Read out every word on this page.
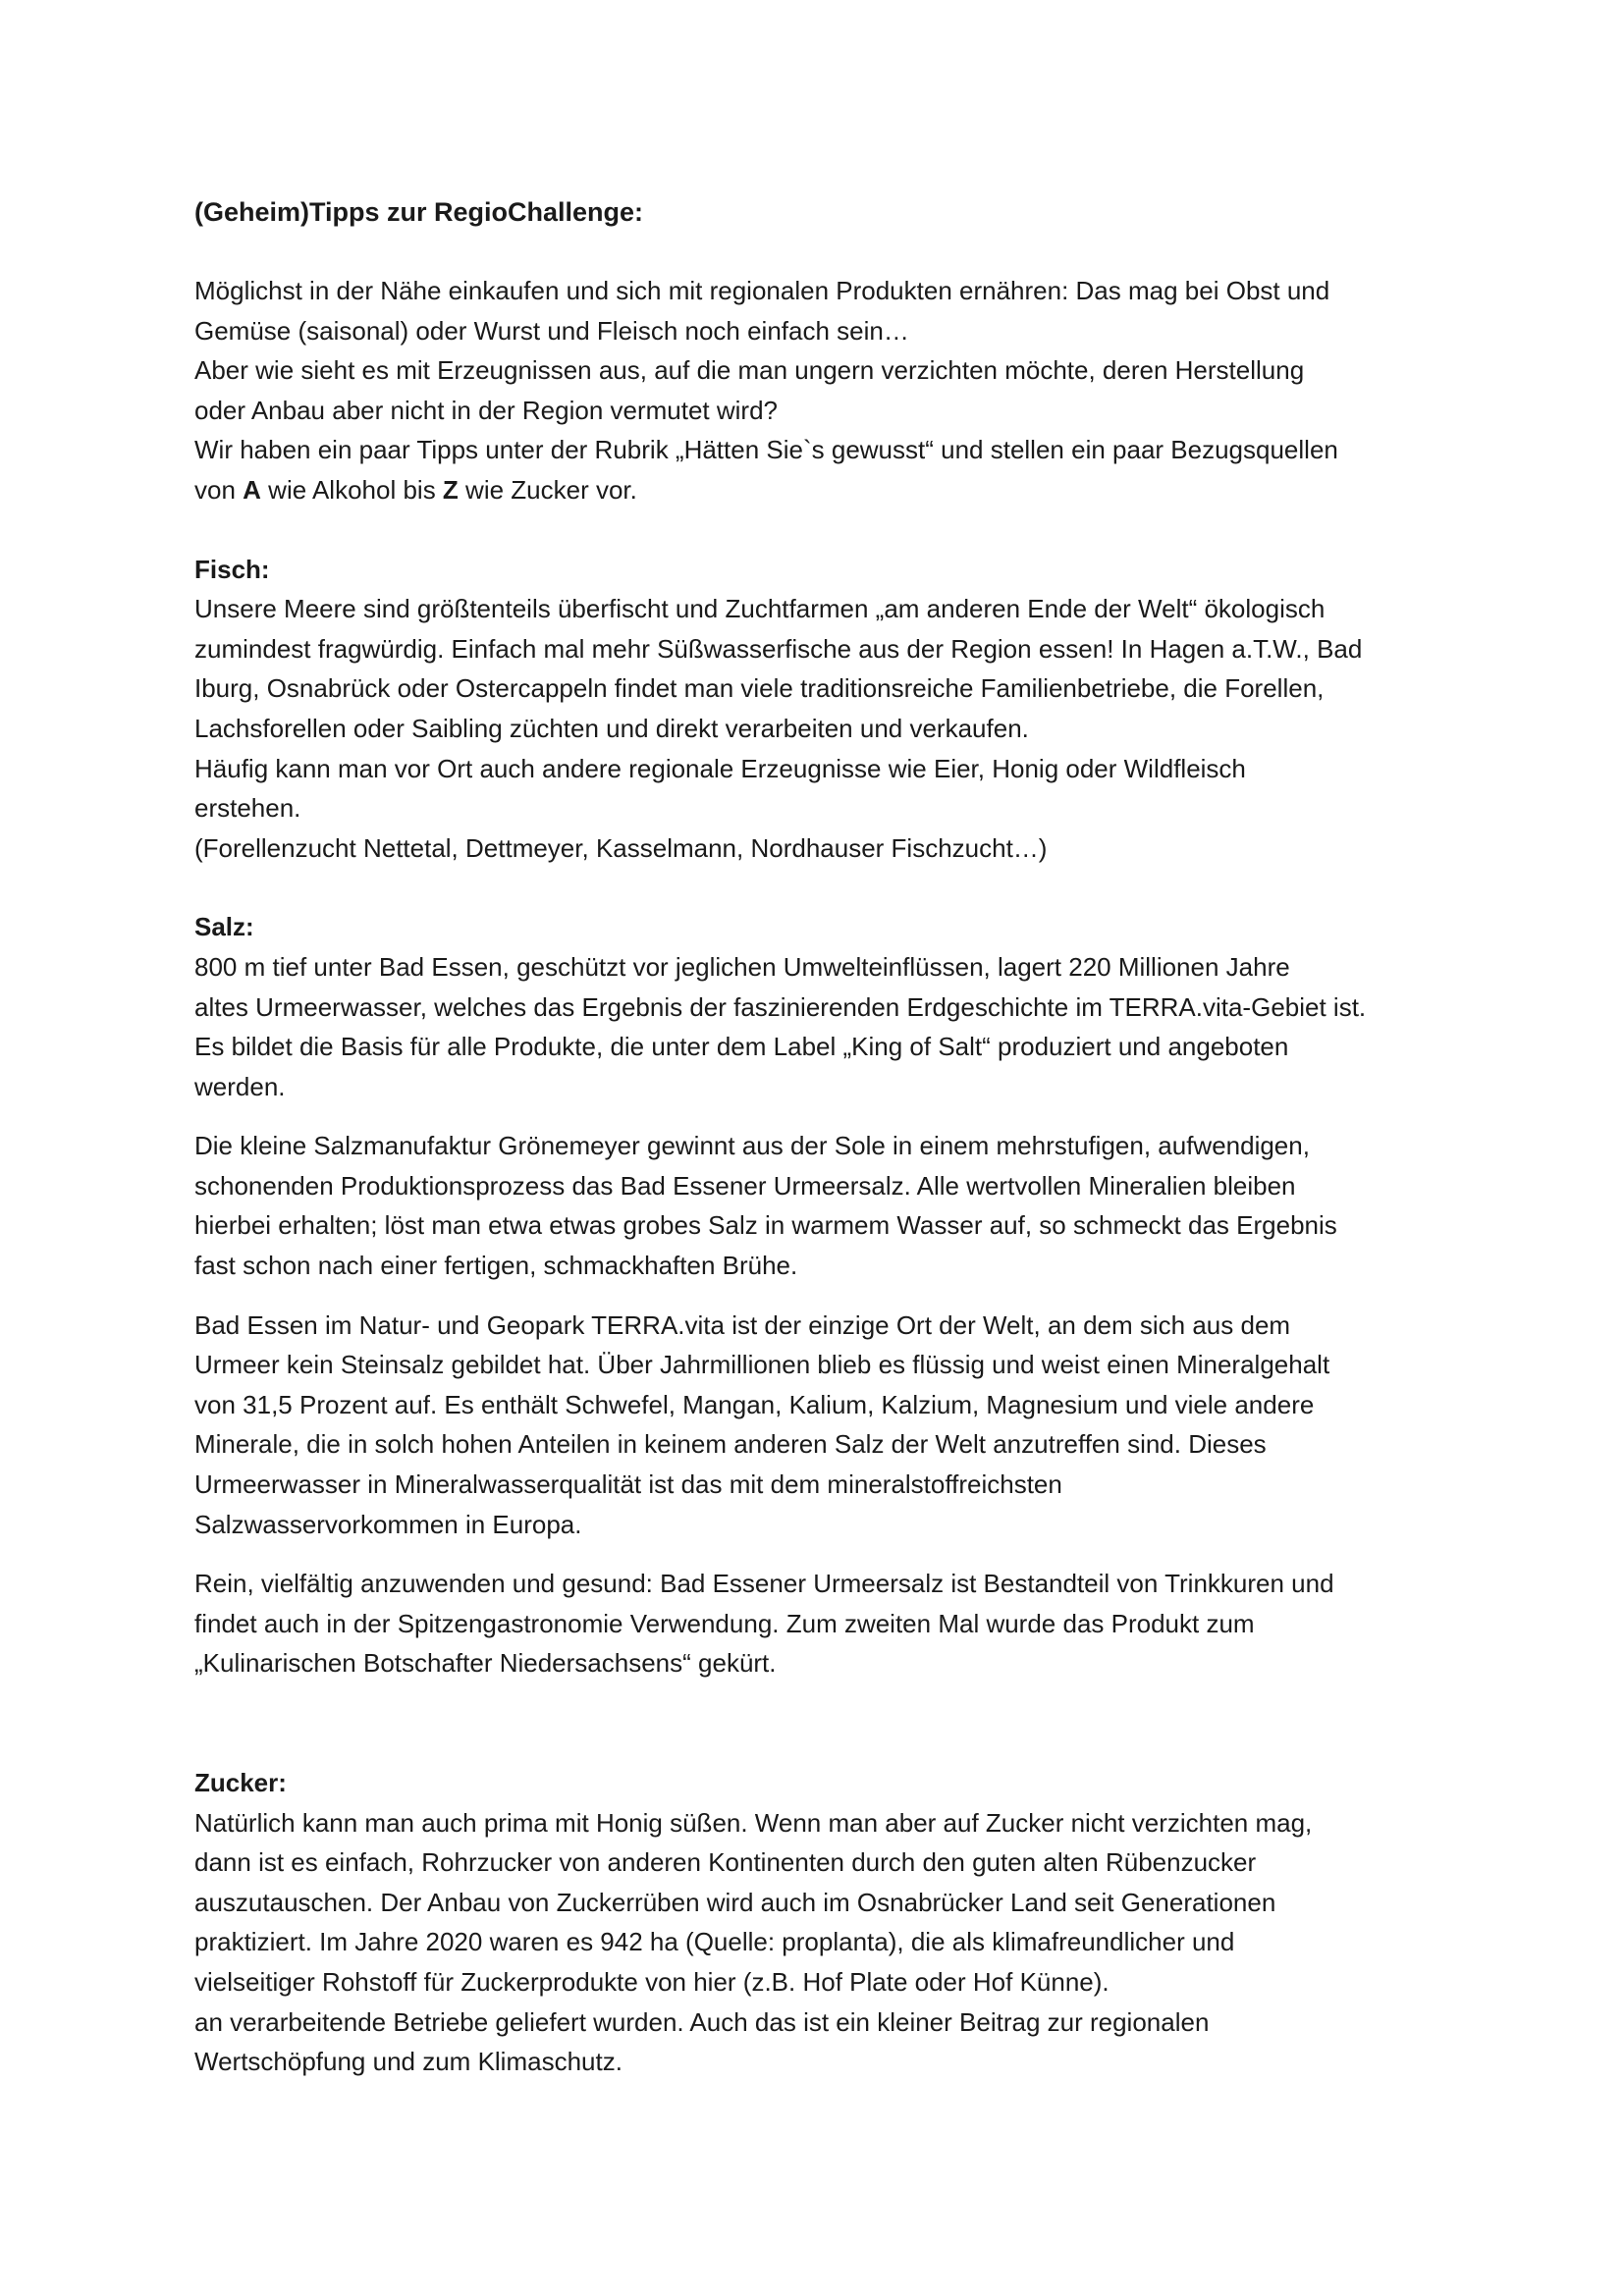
(Geheim)Tipps zur RegioChallenge:

Möglichst in der Nähe einkaufen und sich mit regionalen Produkten ernähren: Das mag bei Obst und
Gemüse (saisonal) oder Wurst und Fleisch noch einfach sein…
Aber wie sieht es mit Erzeugnissen aus, auf die man ungern verzichten möchte, deren Herstellung
oder Anbau aber nicht in der Region vermutet wird?
Wir haben ein paar Tipps unter der Rubrik „Hätten Sie`s gewusst“ und stellen ein paar Bezugsquellen

von A wie Alkohol bis Z wie Zucker vor.

Fisch:

Unsere Meere sind größtenteils überfischt und Zuchtfarmen „am anderen Ende der Welt“ ökologisch
zumindest fragwürdig. Einfach mal mehr Süßwasserfische aus der Region essen! In Hagen a.T.W., Bad
Iburg, Osnabrück oder Ostercappeln findet man viele traditionsreiche Familienbetriebe, die Forellen,
Lachsforellen oder Saibling züchten und direkt verarbeiten und verkaufen.
Häufig kann man vor Ort auch andere regionale Erzeugnisse wie Eier, Honig oder Wildfleisch
erstehen.
(Forellenzucht Nettetal, Dettmeyer, Kasselmann, Nordhauser Fischzucht…)

Salz:

800 m tief unter Bad Essen, geschützt vor jeglichen Umwelteinflüssen, lagert 220 Millionen Jahre
altes Urmeerwasser, welches das Ergebnis der faszinierenden Erdgeschichte im TERRA.vita-Gebiet ist.
Es bildet die Basis für alle Produkte, die unter dem Label „King of Salt“ produziert und angeboten
werden.

Die kleine Salzmanufaktur Grönemeyer gewinnt aus der Sole in einem mehrstufigen, aufwendigen,
schonenden Produktionsprozess das Bad Essener Urmeersalz. Alle wertvollen Mineralien bleiben
hierbei erhalten; löst man etwa etwas grobes Salz in warmem Wasser auf, so schmeckt das Ergebnis
fast schon nach einer fertigen, schmackhaften Brühe.

Bad Essen im Natur- und Geopark TERRA.vita ist der einzige Ort der Welt, an dem sich aus dem
Urmeer kein Steinsalz gebildet hat. Über Jahrmillionen blieb es flüssig und weist einen Mineralgehalt
von 31,5 Prozent auf. Es enthält Schwefel, Mangan, Kalium, Kalzium, Magnesium und viele andere
Minerale, die in solch hohen Anteilen in keinem anderen Salz der Welt anzutreffen sind. Dieses
Urmeerwasser in Mineralwasserqualität ist das mit dem mineralstoffreichsten
Salzwasservorkommen in Europa.

Rein, vielfältig anzuwenden und gesund: Bad Essener Urmeersalz ist Bestandteil von Trinkkuren und
findet auch in der Spitzengastronomie Verwendung. Zum zweiten Mal wurde das Produkt zum
„Kulinarischen Botschafter Niedersachsens“ gekürt.

Zucker:

Natürlich kann man auch prima mit Honig süßen. Wenn man aber auf Zucker nicht verzichten mag,
dann ist es einfach, Rohrzucker von anderen Kontinenten durch den guten alten Rübenzucker
auszutauschen. Der Anbau von Zuckerrüben wird auch im Osnabrücker Land seit Generationen
praktiziert. Im Jahre 2020 waren es 942 ha (Quelle: proplanta), die als klimafreundlicher und
vielseitiger Rohstoff für Zuckerprodukte von hier (z.B. Hof Plate oder Hof Künne).
an verarbeitende Betriebe geliefert wurden. Auch das ist ein kleiner Beitrag zur regionalen
Wertschöpfung und zum Klimaschutz.
